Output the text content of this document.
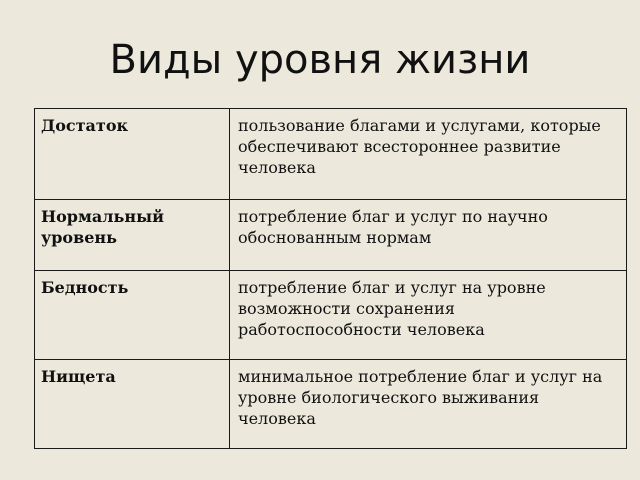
Виды уровня жизни
Достаток	пользование благами и услугами, которые обеспечивают всестороннее развитие человека
Нормальный уровень	потребление благ и услуг по научно обоснованным нормам
Бедность	потребление благ и услуг на уровне возможности сохранения работоспособности человека
Нищета	минимальное потребление благ и услуг на уровне биологического выживания человека
